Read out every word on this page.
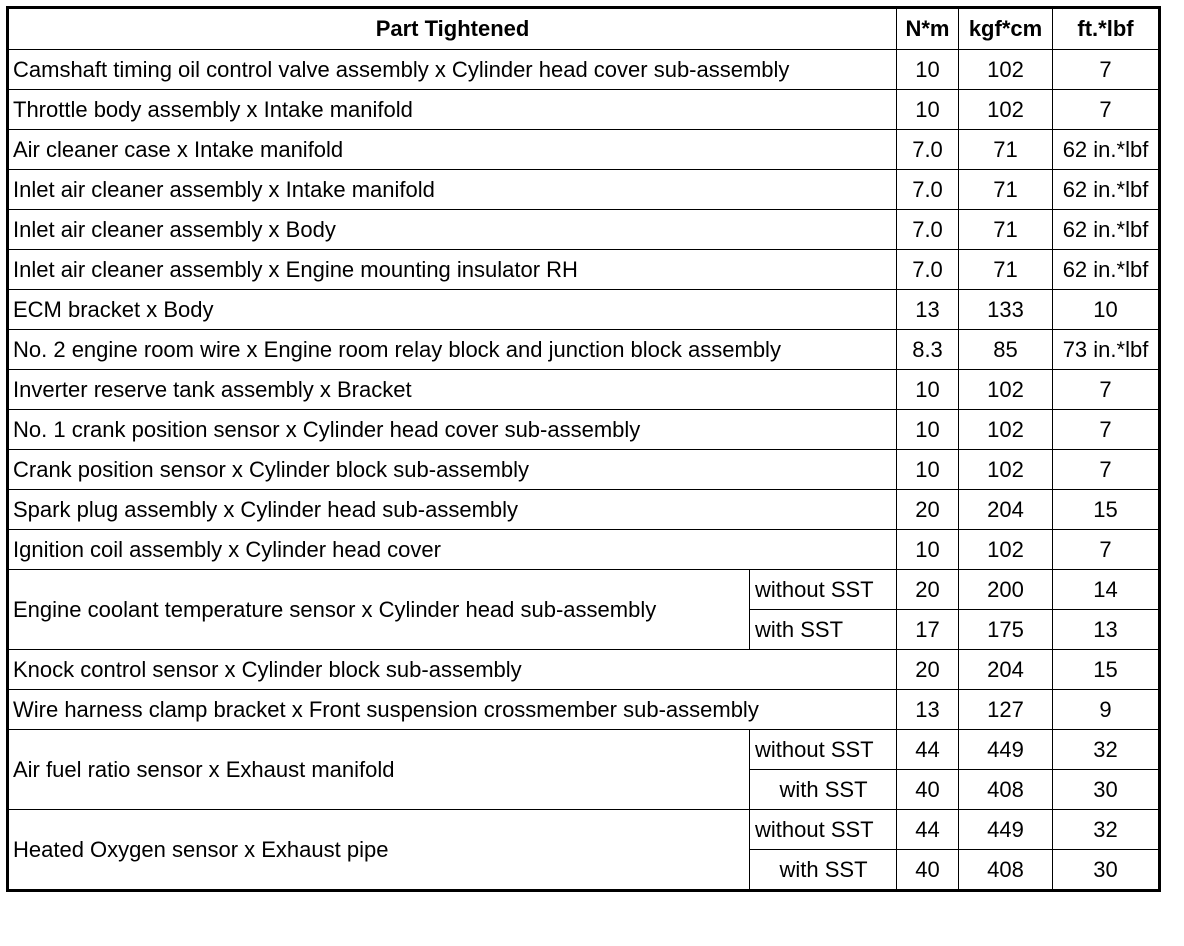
Part Tightened		N*m	kgf*cm	ft.*lbf
Camshaft timing oil control valve assembly x Cylinder head cover sub-assembly		10	102	7
Throttle body assembly x Intake manifold		10	102	7
Air cleaner case x Intake manifold		7.0	71	62 in.*lbf
Inlet air cleaner assembly x Intake manifold		7.0	71	62 in.*lbf
Inlet air cleaner assembly x Body		7.0	71	62 in.*lbf
Inlet air cleaner assembly x Engine mounting insulator RH		7.0	71	62 in.*lbf
ECM bracket x Body		13	133	10
No. 2 engine room wire x Engine room relay block and junction block assembly		8.3	85	73 in.*lbf
Inverter reserve tank assembly x Bracket		10	102	7
No. 1 crank position sensor x Cylinder head cover sub-assembly		10	102	7
Crank position sensor x Cylinder block sub-assembly		10	102	7
Spark plug assembly x Cylinder head sub-assembly		20	204	15
Ignition coil assembly x Cylinder head cover		10	102	7
Engine coolant temperature sensor x Cylinder head sub-assembly	without SST	20	200	14
	with SST	17	175	13
Knock control sensor x Cylinder block sub-assembly		20	204	15
Wire harness clamp bracket x Front suspension crossmember sub-assembly		13	127	9
Air fuel ratio sensor x Exhaust manifold	without SST	44	449	32
	with SST	40	408	30
Heated Oxygen sensor x Exhaust pipe	without SST	44	449	32
	with SST	40	408	30
